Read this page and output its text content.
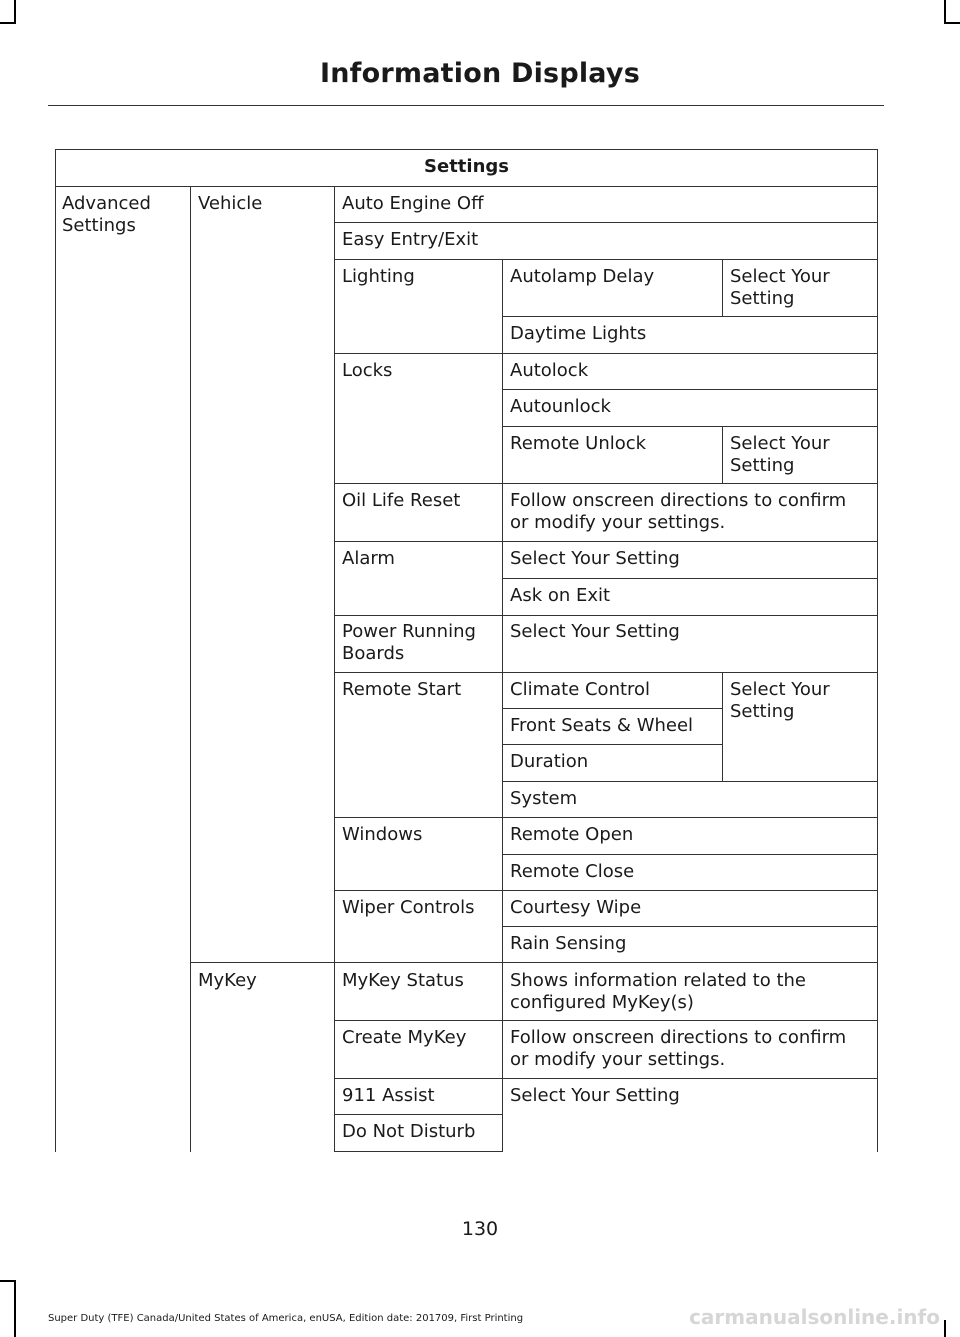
Information Displays
Settings
Advanced
Settings
Vehicle
MyKey
Auto Engine Off
Easy Entry/Exit
Lighting
Locks
Oil Life Reset
Alarm
Power Running
Boards
Remote Start
Windows
Wiper Controls
MyKey Status
Create MyKey
911 Assist
Do Not Disturb
Autolamp Delay
Daytime Lights
Autolock
Autounlock
Remote Unlock
Follow onscreen directions to confirm
or modify your settings.
Select Your Setting
Ask on Exit
Select Your Setting
Climate Control
Front Seats & Wheel
Duration
System
Remote Open
Remote Close
Courtesy Wipe
Rain Sensing
Shows information related to the
configured MyKey(s)
Follow onscreen directions to confirm
or modify your settings.
Select Your Setting
Select Your
Setting
Select Your
Setting
Select Your
Setting
130
Super Duty (TFE) Canada/United States of America, enUSA, Edition date: 201709, First Printing	carmanualsonline.info
